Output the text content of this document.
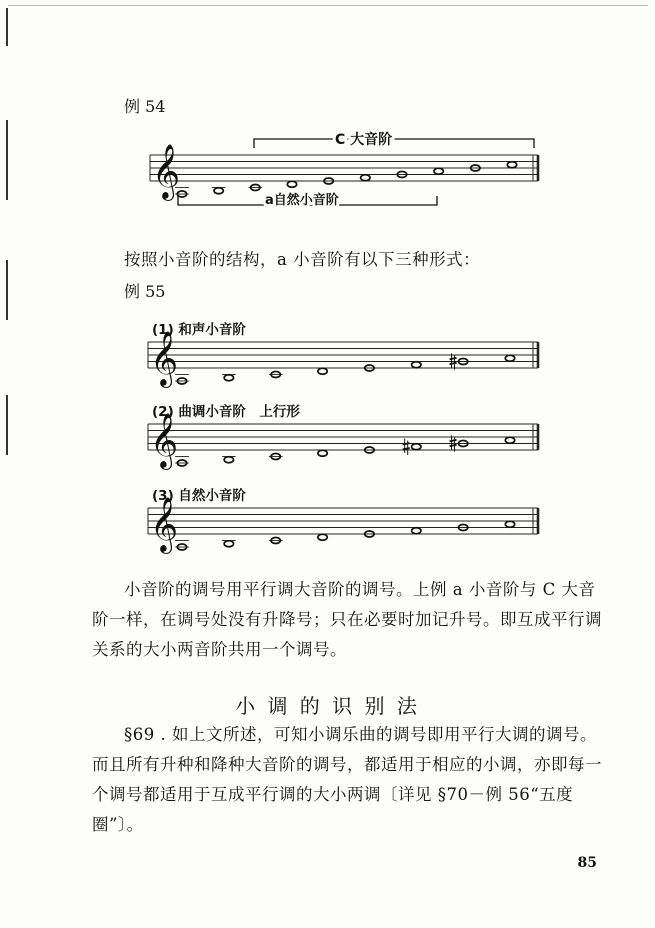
例 54
C 大音阶
a自然小音阶
𝄞
按照小音阶的结构，a 小音阶有以下三种形式：
例 55
(1) 和声小音阶
(2) 曲调小音阶　上行形
(3) 自然小音阶
𝄞
𝄞
𝄞
小音阶的调号用平行调大音阶的调号。上例 a 小音阶与 C 大音阶一样，在调号处没有升降号；只在必要时加记升号。即互成平行调关系的大小两音阶共用一个调号。
小 调 的 识 别 法
§69 . 如上文所述，可知小调乐曲的调号即用平行大调的调号。而且所有升种和降种大音阶的调号，都适用于相应的小调，亦即每一个调号都适用于互成平行调的大小两调〔详见 §70－例 56“五度圈”〕。
85
